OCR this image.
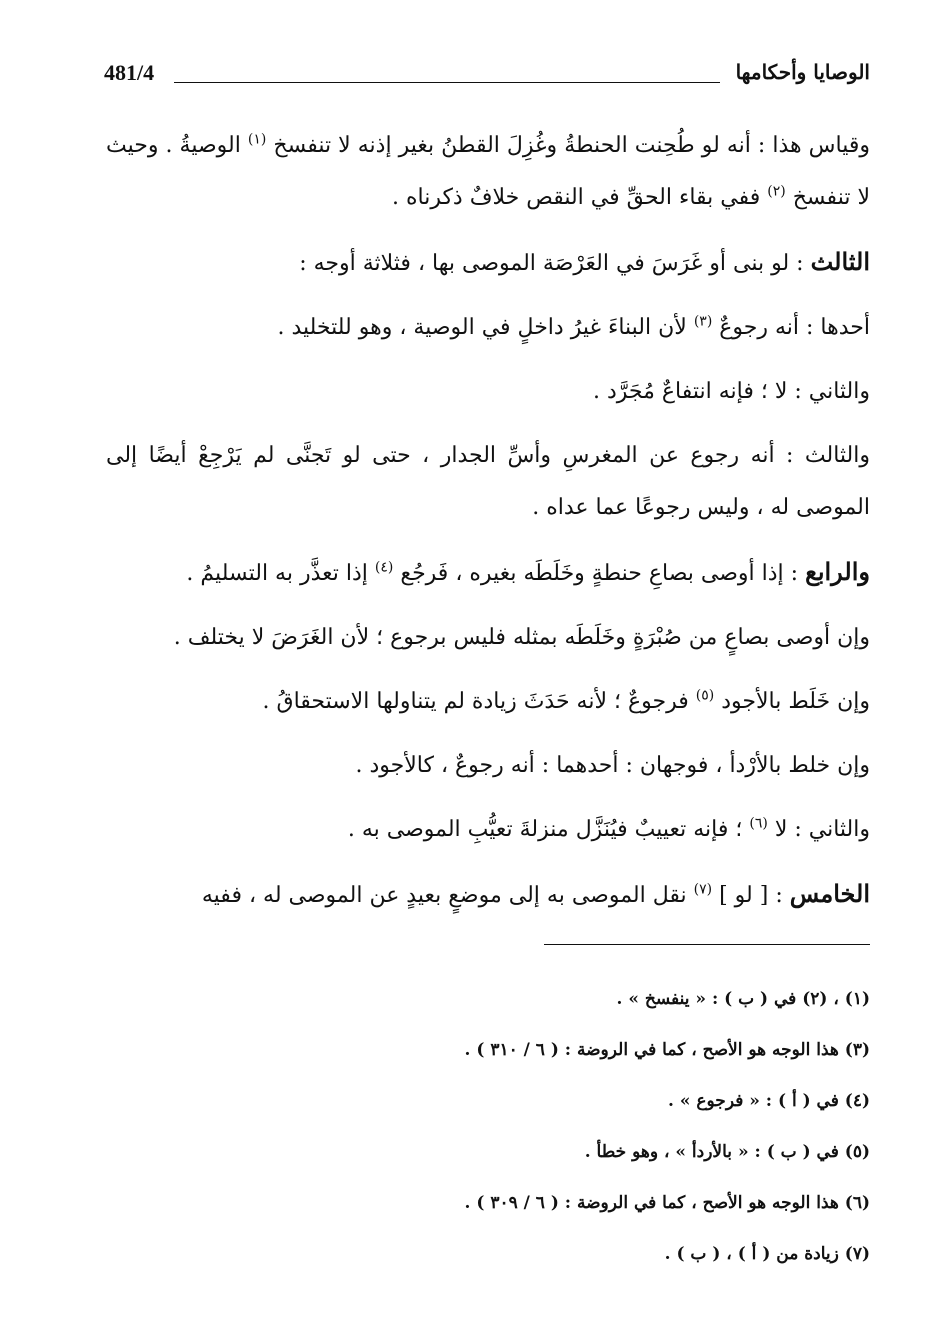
الوصايا وأحكامها
481/4

وقياس هذا : أنه لو طُحِنت الحنطةُ وغُزِلَ القطنُ بغير إذنه لا تنفسخ $^{(١)}$ الوصيةُ . وحيث لا تنفسخ $^{(٢)}$ ففي بقاء الحقِّ في النقص خلافٌ ذكرناه .

الثالث : لو بنى أو غَرَسَ في العَرْصَة الموصى بها ، فثلاثة أوجه :

أحدها : أنه رجوعٌ $^{(٣)}$ لأن البناءَ غيرُ داخلٍ في الوصية ، وهو للتخليد .

والثاني : لا ؛ فإنه انتفاعٌ مُجَرَّد .

والثالث : أنه رجوع عن المغرسِ وأسِّ الجدار ، حتى لو تَجنَّى لم يَرْجِعْ أيضًا إلى الموصى له ، وليس رجوعًا عما عداه .

والرابع : إذا أوصى بصاعِ حنطةٍ وخَلَطَه بغيره ، فَرجُع $^{(٤)}$ إذا تعذَّر به التسليمُ .

وإن أوصى بصاعٍ من صُبْرَةٍ وخَلَطَه بمثله فليس برجوع ؛ لأن الغَرَضَ لا يختلف .

وإن خَلَط بالأجود $^{(٥)}$ فرجوعٌ ؛ لأنه حَدَثَ زيادة لم يتناولها الاستحقاقُ .

وإن خلط بالأرْدأ ، فوجهان : أحدهما : أنه رجوعٌ ، كالأجود .

والثاني : لا $^{(٦)}$ ؛ فإنه تعييبٌ فيُنَزَّل منزلةَ تعيُّبِ الموصى به .

الخامس : [ لو ] $^{(٧)}$ نقل الموصى به إلى موضعٍ بعيدٍ عن الموصى له ، ففيه

(١) ، (٢) في ( ب ) : « ينفسخ » .
(٣) هذا الوجه هو الأصح ، كما في الروضة : ( ٦ / ٣١٠ ) .
(٤) في ( أ ) : « فرجوع » .
(٥) في ( ب ) : « بالأردأ » ، وهو خطأ .
(٦) هذا الوجه هو الأصح ، كما في الروضة : ( ٦ / ٣٠٩ ) .
(٧) زيادة من ( أ ) ، ( ب ) .
